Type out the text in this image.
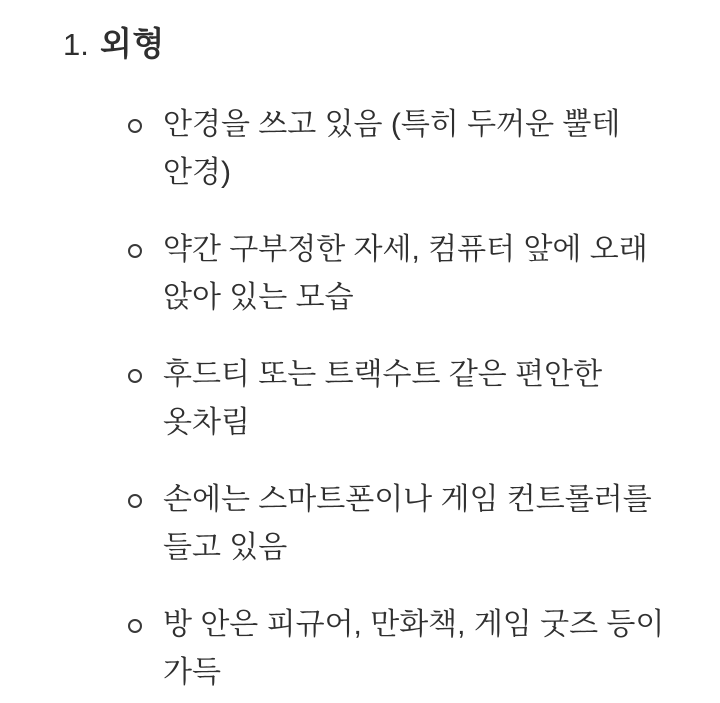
1. 외형
안경을 쓰고 있음 (특히 두꺼운 뿔테
안경)
약간 구부정한 자세, 컴퓨터 앞에 오래
앉아 있는 모습
후드티 또는 트랙수트 같은 편안한
옷차림
손에는 스마트폰이나 게임 컨트롤러를
들고 있음
방 안은 피규어, 만화책, 게임 굿즈 등이
가득
